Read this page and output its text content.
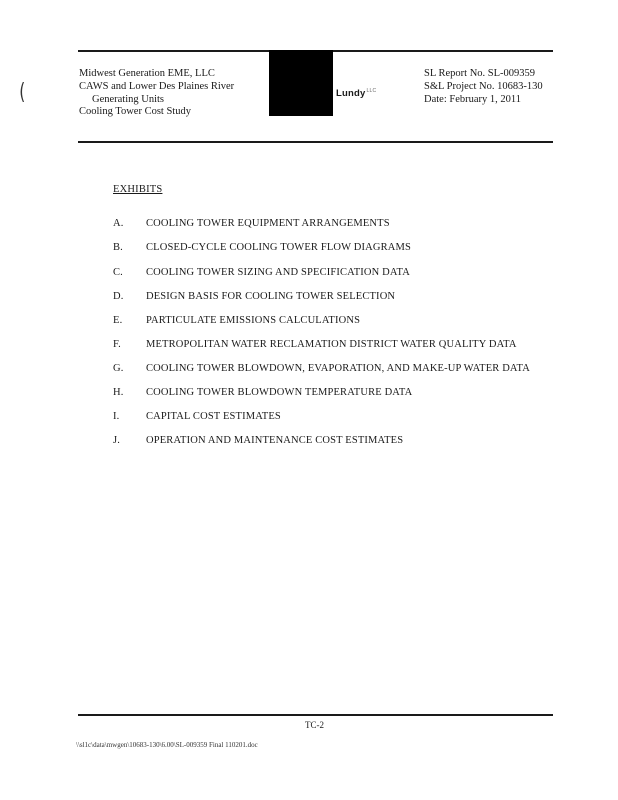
Midwest Generation EME, LLC
CAWS and Lower Des Plaines River
Generating Units
Cooling Tower Cost Study
Lundy$^{LLC}$
SL Report No. SL-009359
S&L Project No. 10683-130
Date: February 1, 2011
(
EXHIBITS
A. COOLING TOWER EQUIPMENT ARRANGEMENTS
B. CLOSED-CYCLE COOLING TOWER FLOW DIAGRAMS
C. COOLING TOWER SIZING AND SPECIFICATION DATA
D. DESIGN BASIS FOR COOLING TOWER SELECTION
E. PARTICULATE EMISSIONS CALCULATIONS
F. METROPOLITAN WATER RECLAMATION DISTRICT WATER QUALITY DATA
G. COOLING TOWER BLOWDOWN, EVAPORATION, AND MAKE-UP WATER DATA
H. COOLING TOWER BLOWDOWN TEMPERATURE DATA
I.	CAPITAL COST ESTIMATES
J. OPERATION AND MAINTENANCE COST ESTIMATES
TC-2
\\sl1c\data\mwgen\10683-130\6.00\SL-009359 Final 110201.doc
